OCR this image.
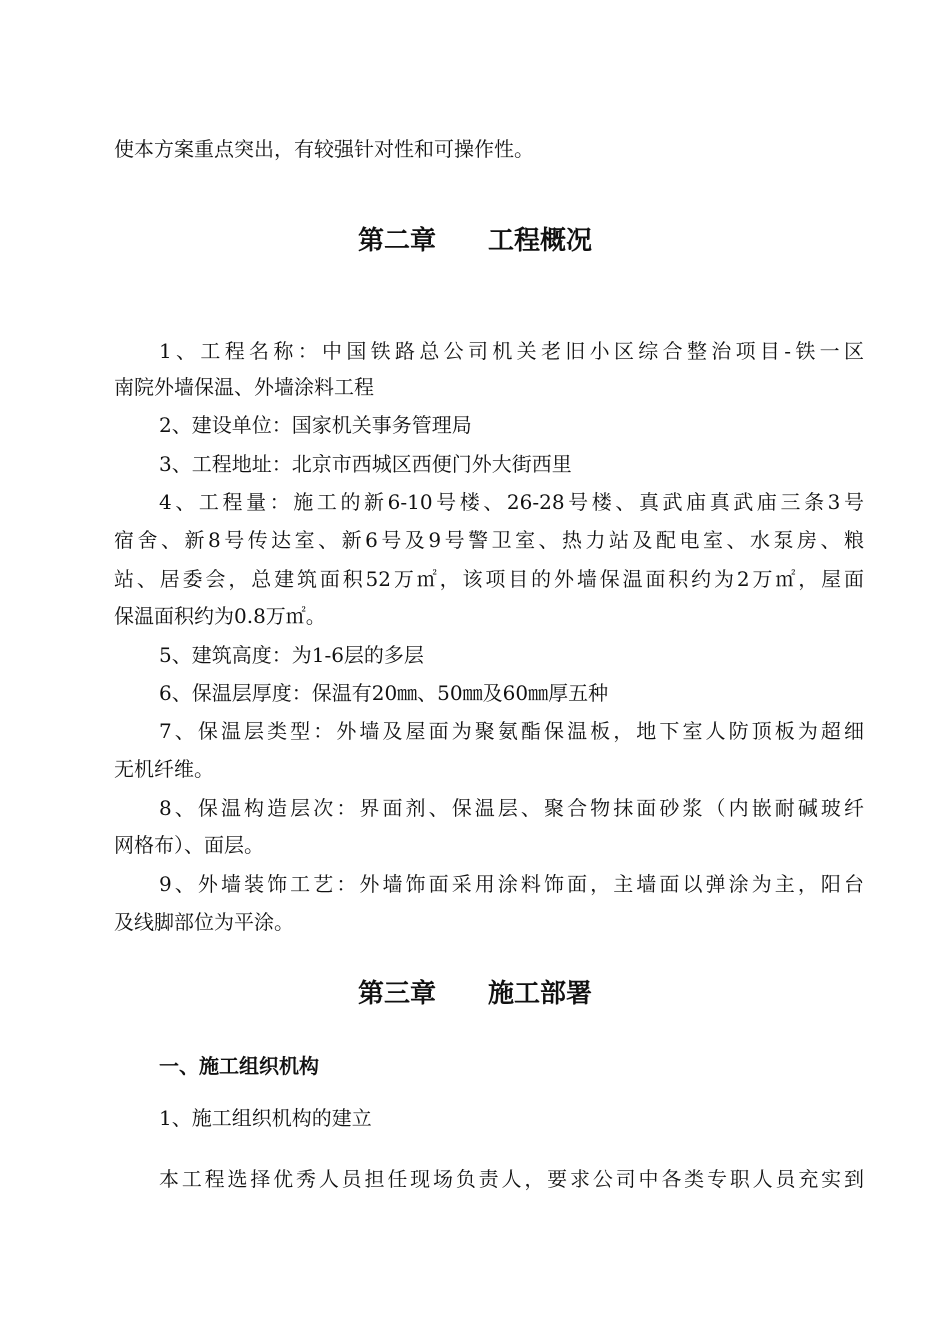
使本方案重点突出，有较强针对性和可操作性。
第二章　　工程概况
1、工程名称：中国铁路总公司机关老旧小区综合整治项目-铁一区
南院外墙保温、外墙涂料工程
2、建设单位：国家机关事务管理局
3、工程地址：北京市西城区西便门外大街西里
4、工程量：施工的新6-10号楼、26-28号楼、真武庙真武庙三条3号
宿舍、新8号传达室、新6号及9号警卫室、热力站及配电室、水泵房、粮
站、居委会，总建筑面积52万㎡，该项目的外墙保温面积约为2万㎡，屋面
保温面积约为0.8万㎡。
5、建筑高度：为1-6层的多层
6、保温层厚度：保温有20㎜、50㎜及60㎜厚五种
7、保温层类型：外墙及屋面为聚氨酯保温板，地下室人防顶板为超细
无机纤维。
8、保温构造层次：界面剂、保温层、聚合物抹面砂浆（内嵌耐碱玻纤
网格布）、面层。
9、外墙装饰工艺：外墙饰面采用涂料饰面，主墙面以弹涂为主，阳台
及线脚部位为平涂。
第三章　　施工部署
一、施工组织机构
1、施工组织机构的建立
本工程选择优秀人员担任现场负责人，要求公司中各类专职人员充实到
